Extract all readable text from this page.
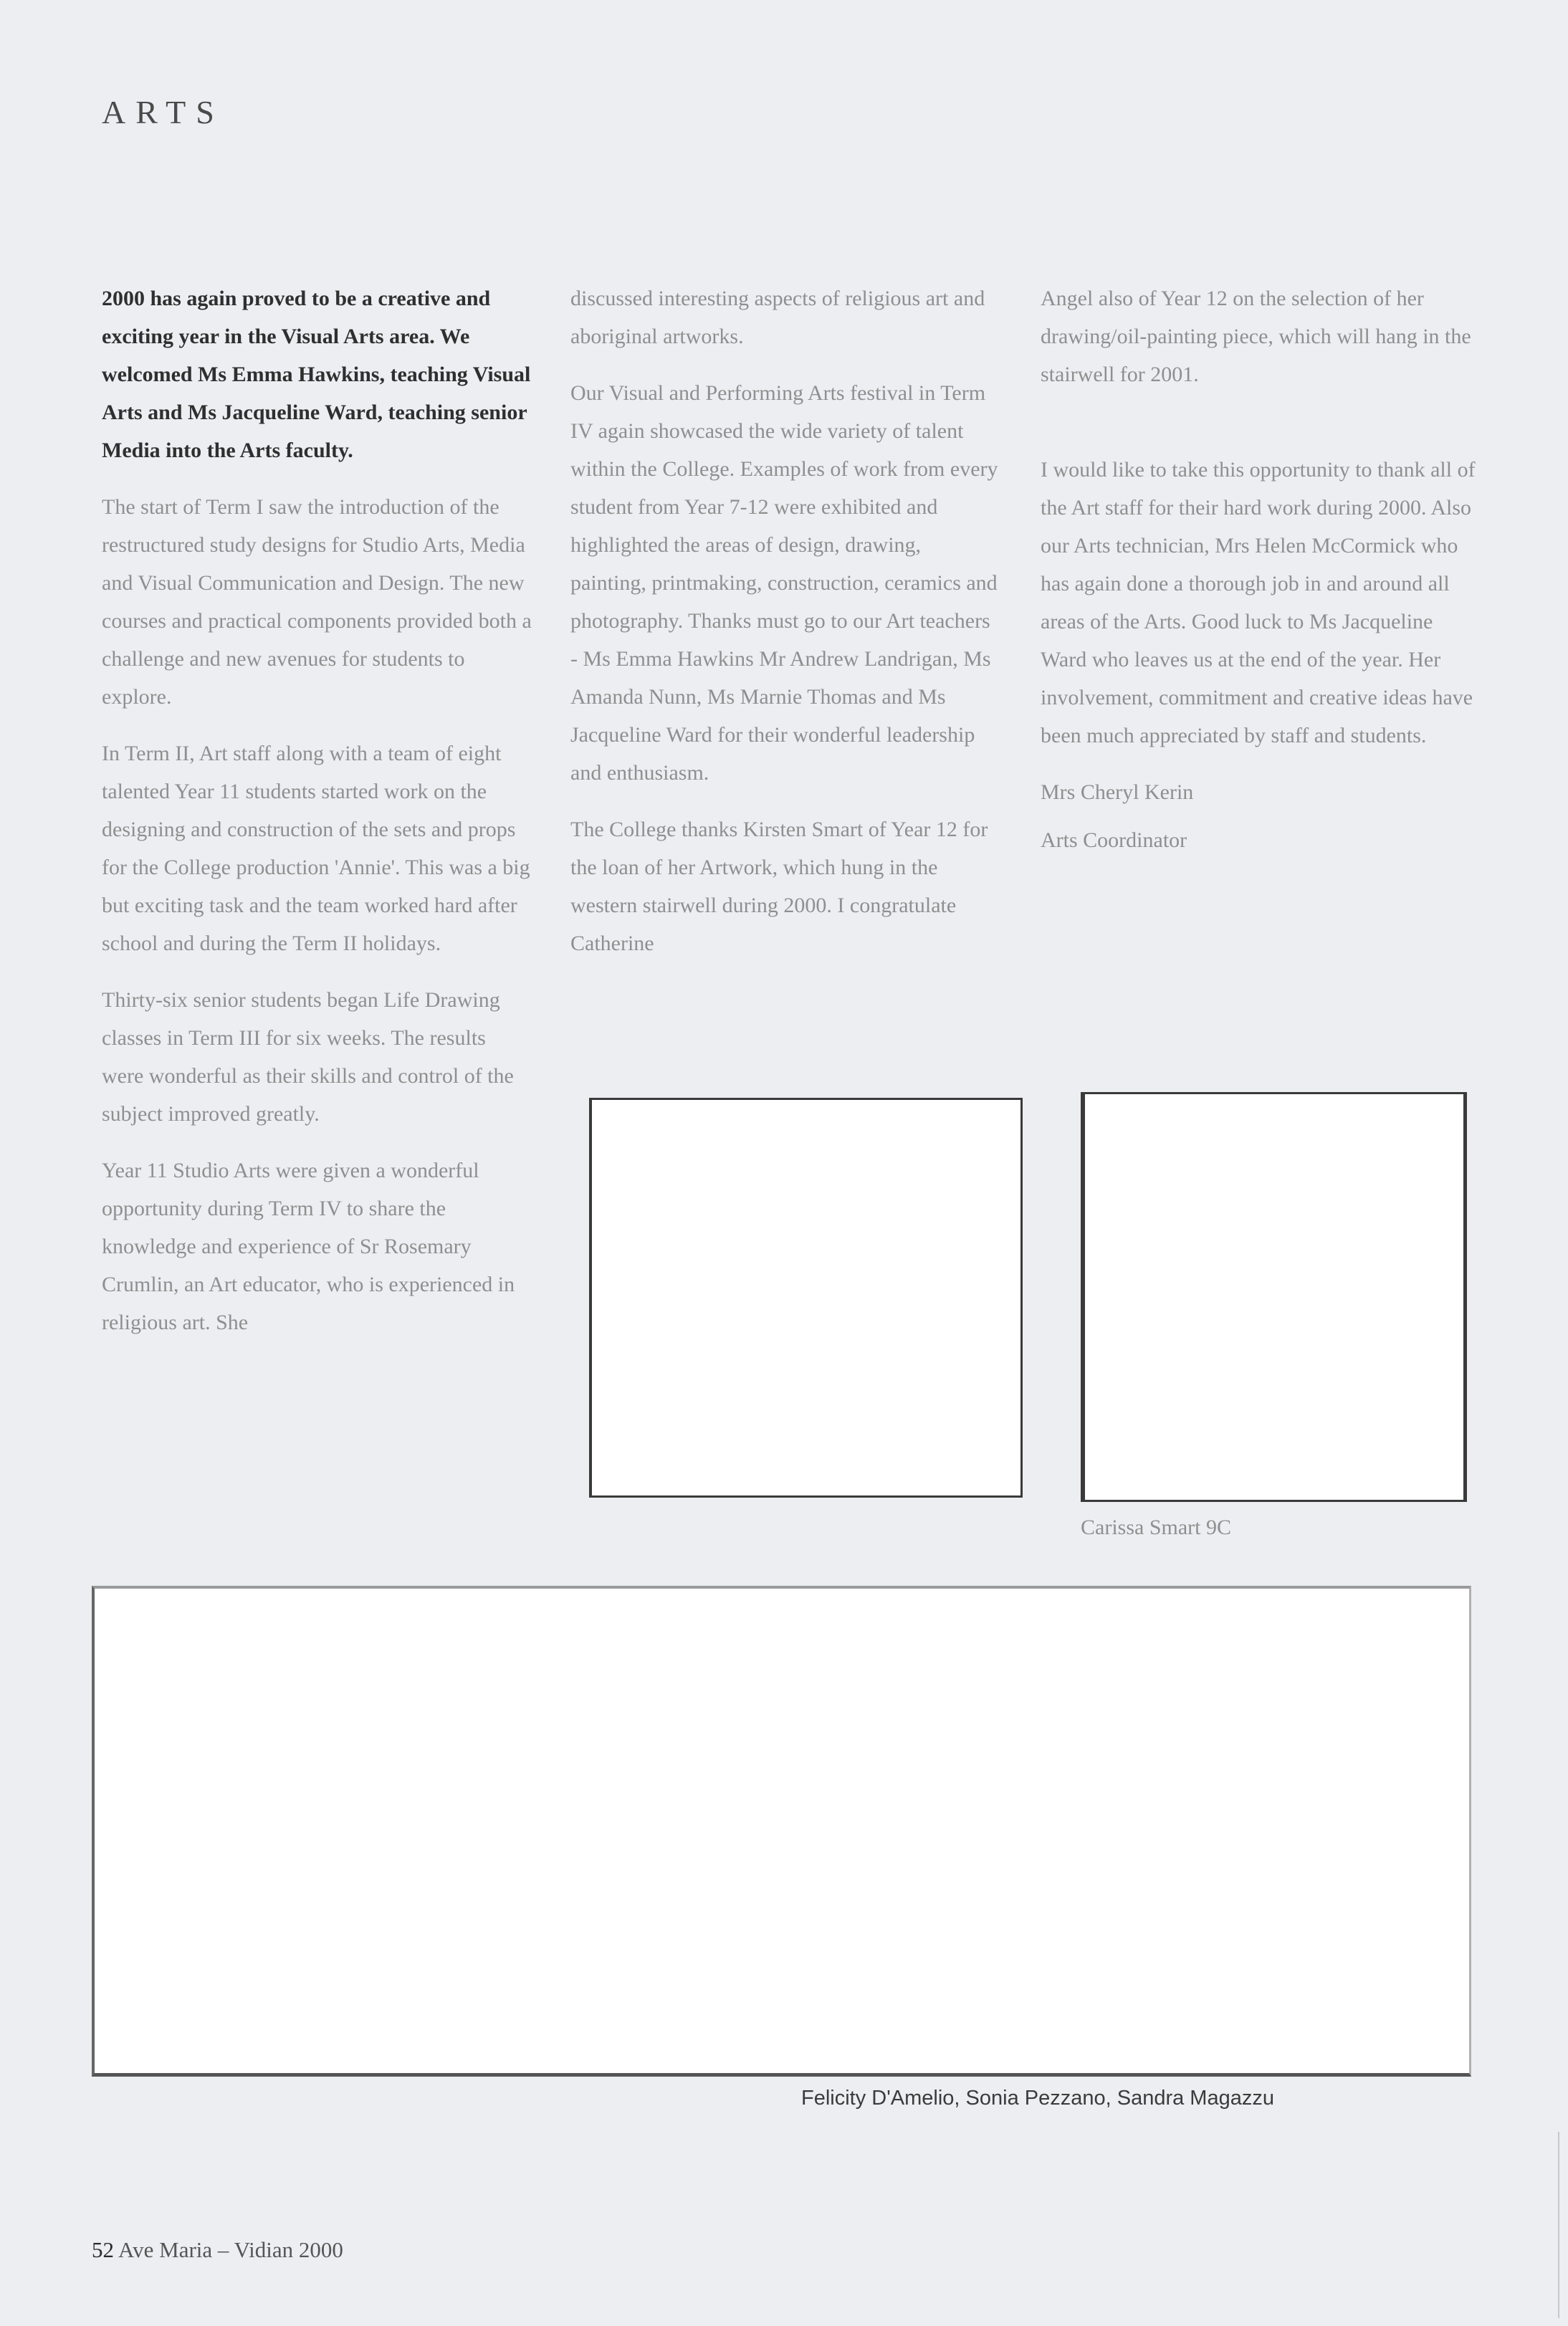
ARTS

2000 has again proved to be a creative and exciting year in the Visual Arts area. We welcomed Ms Emma Hawkins, teaching Visual Arts and Ms Jacqueline Ward, teaching senior Media into the Arts faculty.

The start of Term I saw the introduction of the restructured study designs for Studio Arts, Media and Visual Communication and Design. The new courses and practical components provided both a challenge and new avenues for students to explore.

In Term II, Art staff along with a team of eight talented Year 11 students started work on the designing and construction of the sets and props for the College production 'Annie'. This was a big but exciting task and the team worked hard after school and during the Term II holidays.

Thirty-six senior students began Life Drawing classes in Term III for six weeks. The results were wonderful as their skills and control of the subject improved greatly.

Year 11 Studio Arts were given a wonderful opportunity during Term IV to share the knowledge and experience of Sr Rosemary Crumlin, an Art educator, who is experienced in religious art. She

discussed interesting aspects of religious art and aboriginal artworks.

Our Visual and Performing Arts festival in Term IV again showcased the wide variety of talent within the College. Examples of work from every student from Year 7-12 were exhibited and highlighted the areas of design, drawing, painting, printmaking, construction, ceramics and photography. Thanks must go to our Art teachers - Ms Emma Hawkins Mr Andrew Landrigan, Ms Amanda Nunn, Ms Marnie Thomas and Ms Jacqueline Ward for their wonderful leadership and enthusiasm.

The College thanks Kirsten Smart of Year 12 for the loan of her Artwork, which hung in the western stairwell during 2000. I congratulate Catherine

Angel also of Year 12 on the selection of her drawing/oil-painting piece, which will hang in the stairwell for 2001.

I would like to take this opportunity to thank all of the Art staff for their hard work during 2000. Also our Arts technician, Mrs Helen McCormick who has again done a thorough job in and around all areas of the Arts. Good luck to Ms Jacqueline Ward who leaves us at the end of the year. Her involvement, commitment and creative ideas have been much appreciated by staff and students.

Mrs Cheryl Kerin

Arts Coordinator

Carissa Smart 9C
Felicity D'Amelio, Sonia Pezzano, Sandra Magazzu
52 Ave Maria – Vidian 2000
